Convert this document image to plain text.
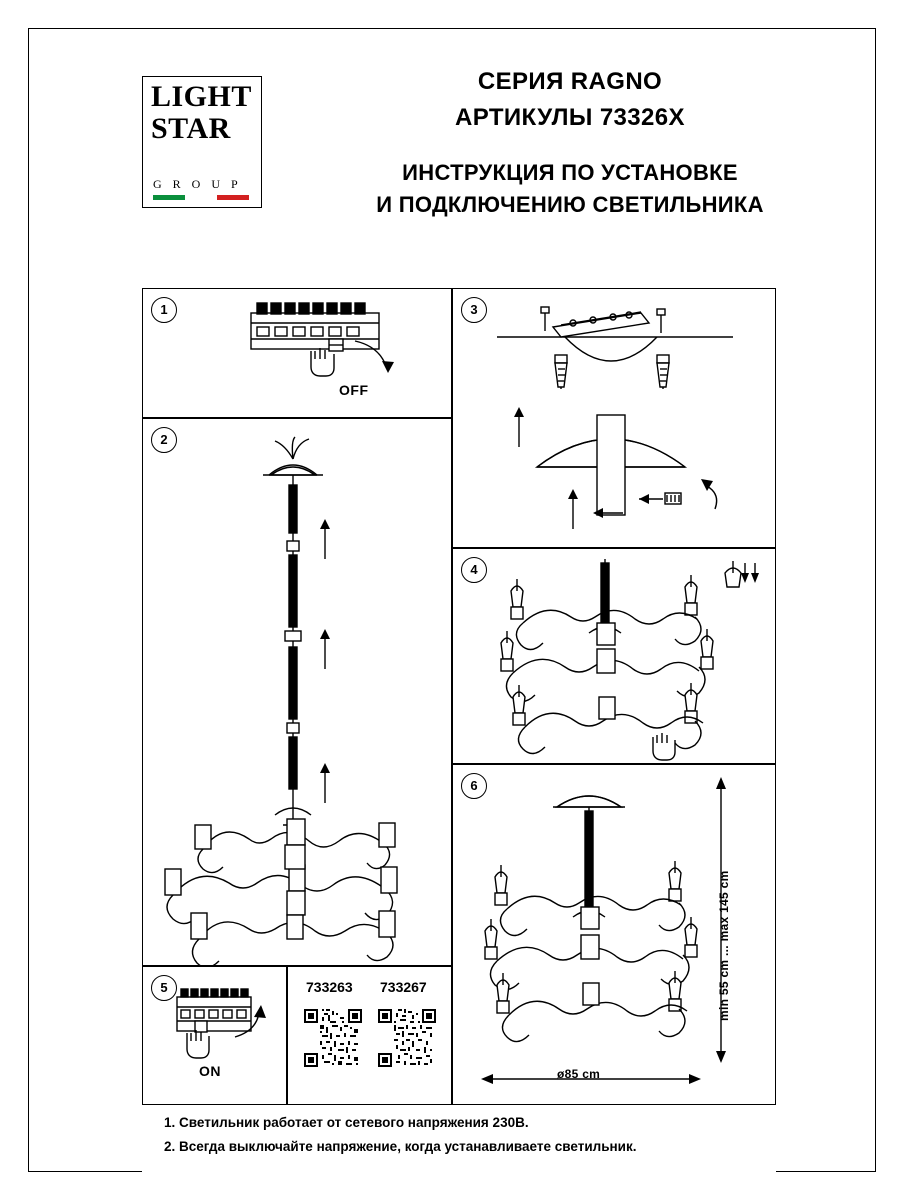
LIGHT
STAR
G R O U P
СЕРИЯ RAGNO
АРТИКУЛЫ 73326X
ИНСТРУКЦИЯ ПО УСТАНОВКЕ
И ПОДКЛЮЧЕНИЮ СВЕТИЛЬНИКА
1
OFF
2
5
ON
733263 733267
3
4
6
min 55 cm ... max 145 cm
ø85 cm
1. Светильник работает от сетевого напряжения 230В.
2. Всегда выключайте напряжение, когда устанавливаете светильник.
